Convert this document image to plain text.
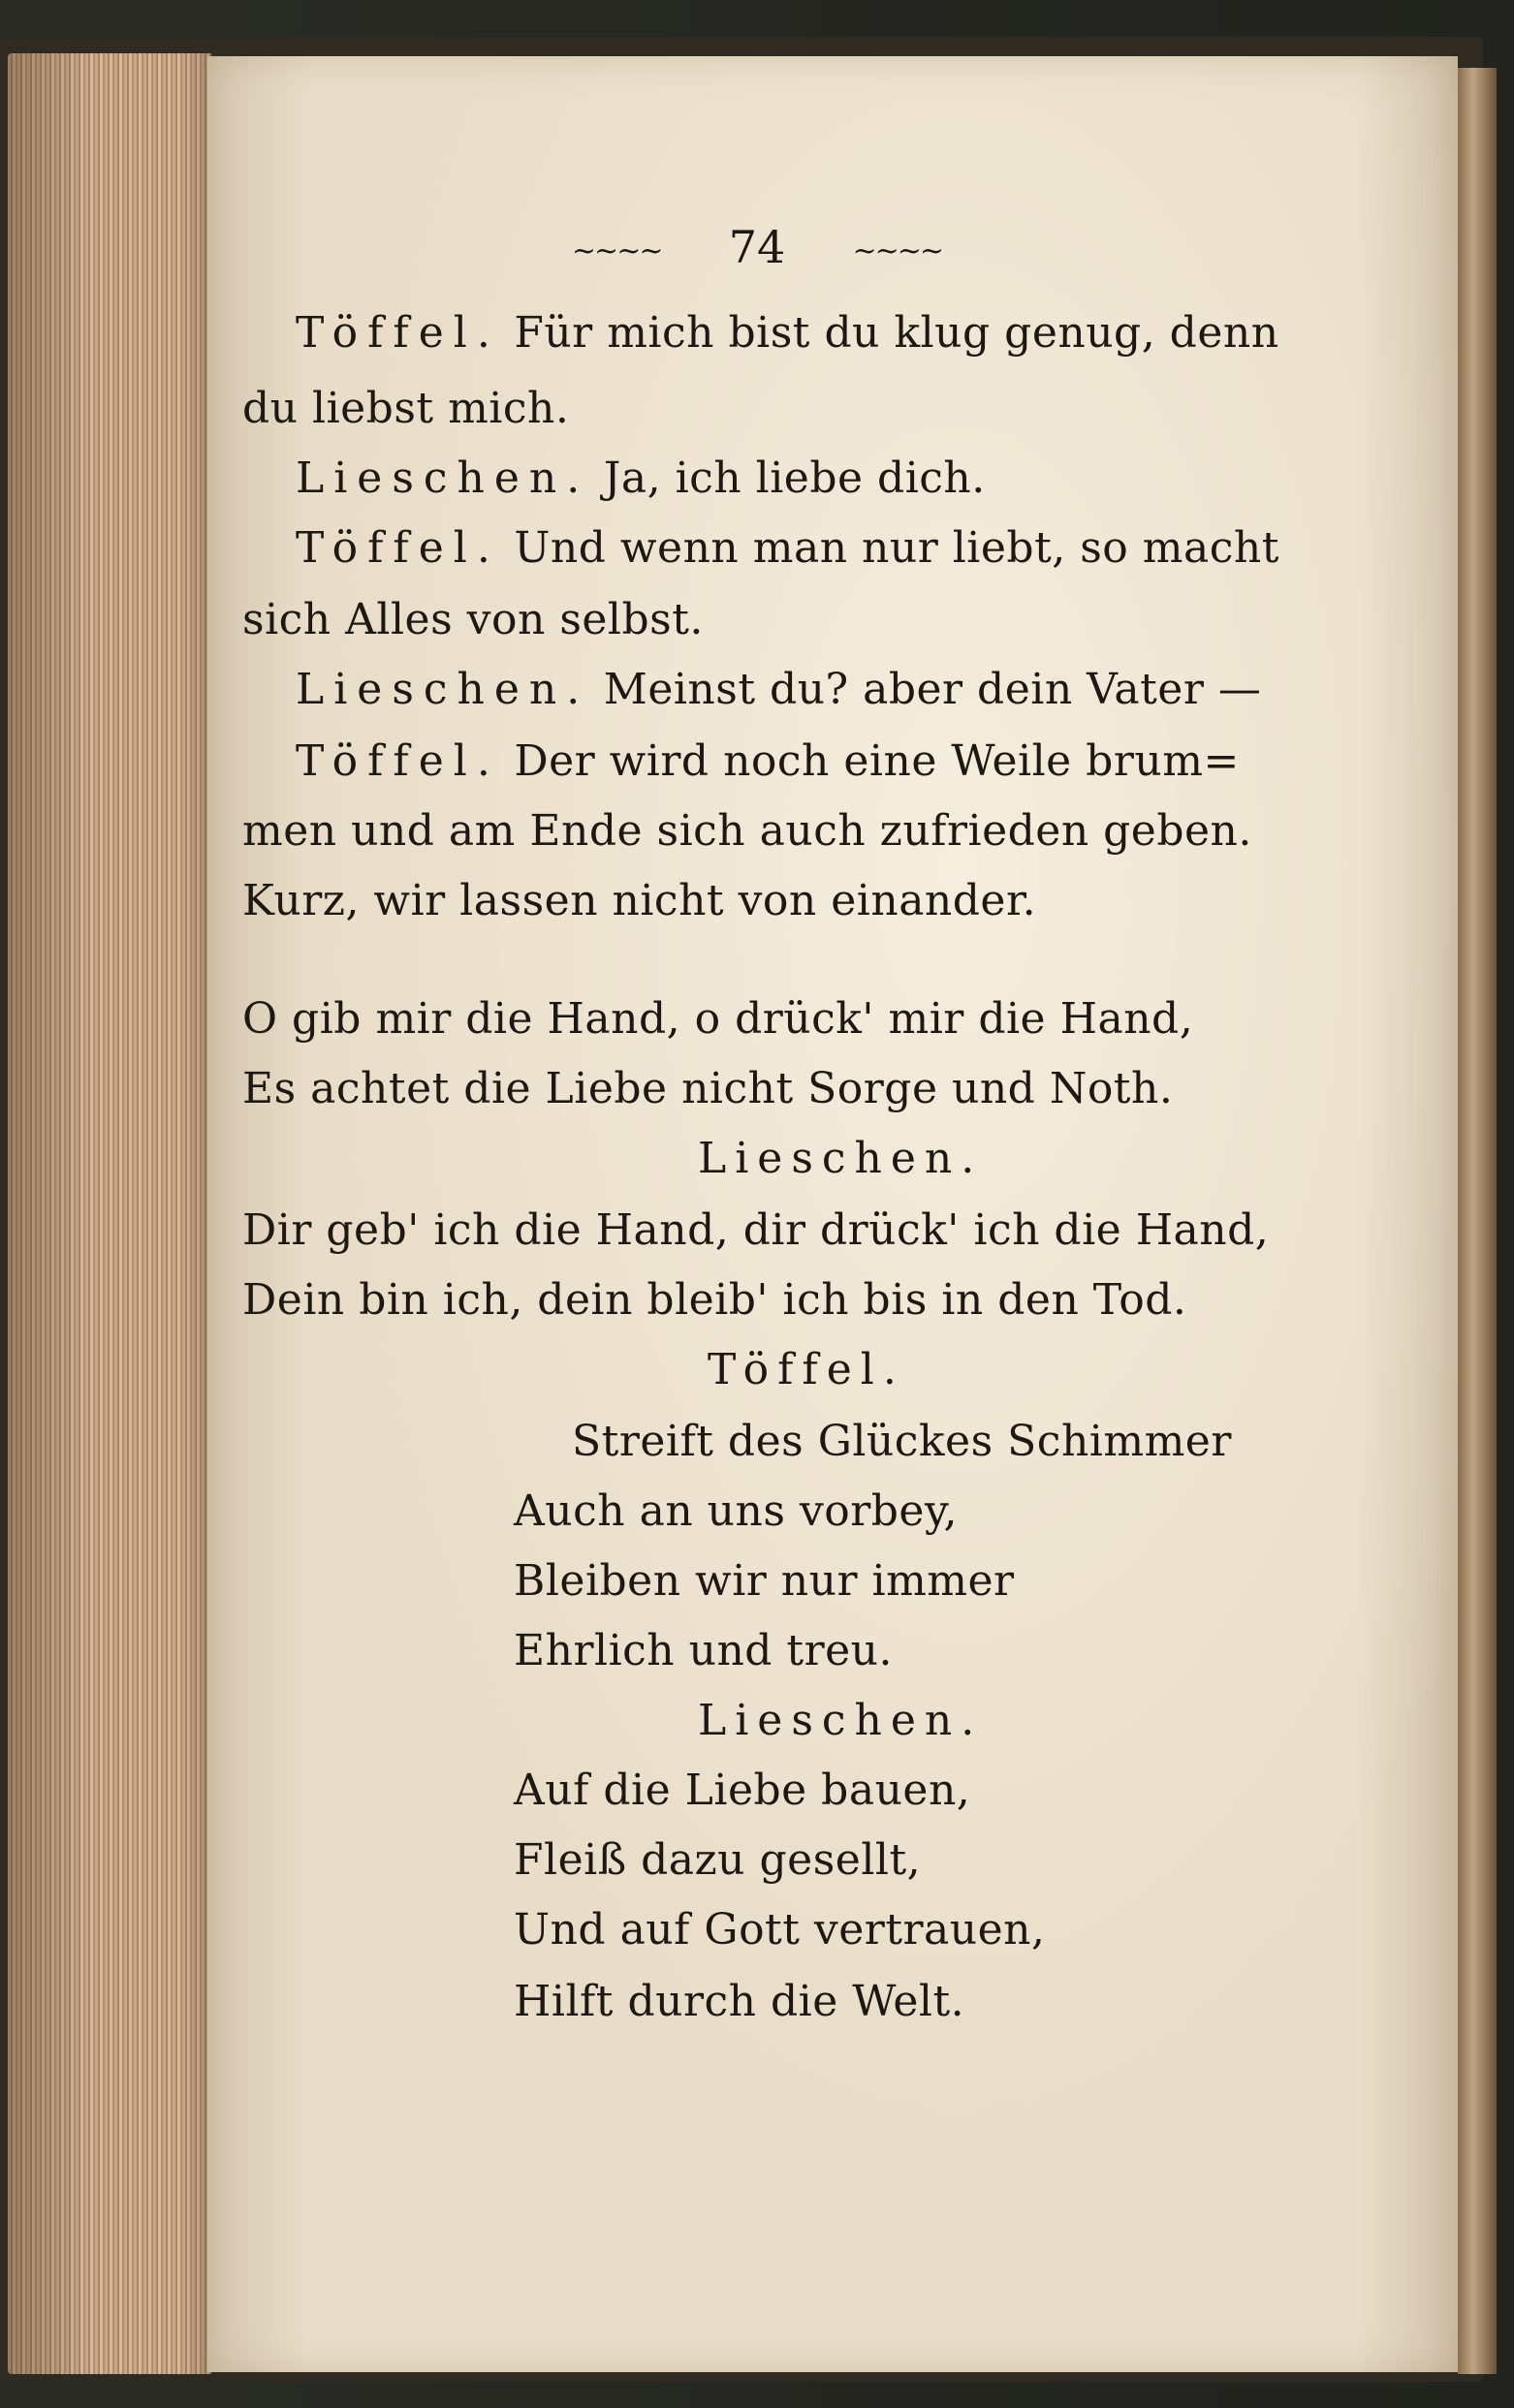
~~~~ 74 ~~~~
Töffel. Für mich bist du klug genug, denn
du liebst mich.
Lieschen. Ja, ich liebe dich.
Töffel. Und wenn man nur liebt, so macht
sich Alles von selbst.
Lieschen. Meinst du? aber dein Vater —
Töffel. Der wird noch eine Weile brum=
men und am Ende sich auch zufrieden geben.
Kurz, wir lassen nicht von einander.
O gib mir die Hand, o drück' mir die Hand,
Es achtet die Liebe nicht Sorge und Noth.
Lieschen.
Dir geb' ich die Hand, dir drück' ich die Hand,
Dein bin ich, dein bleib' ich bis in den Tod.
Töffel.
Streift des Glückes Schimmer
Auch an uns vorbey,
Bleiben wir nur immer
Ehrlich und treu.
Lieschen.
Auf die Liebe bauen,
Fleiß dazu gesellt,
Und auf Gott vertrauen,
Hilft durch die Welt.
